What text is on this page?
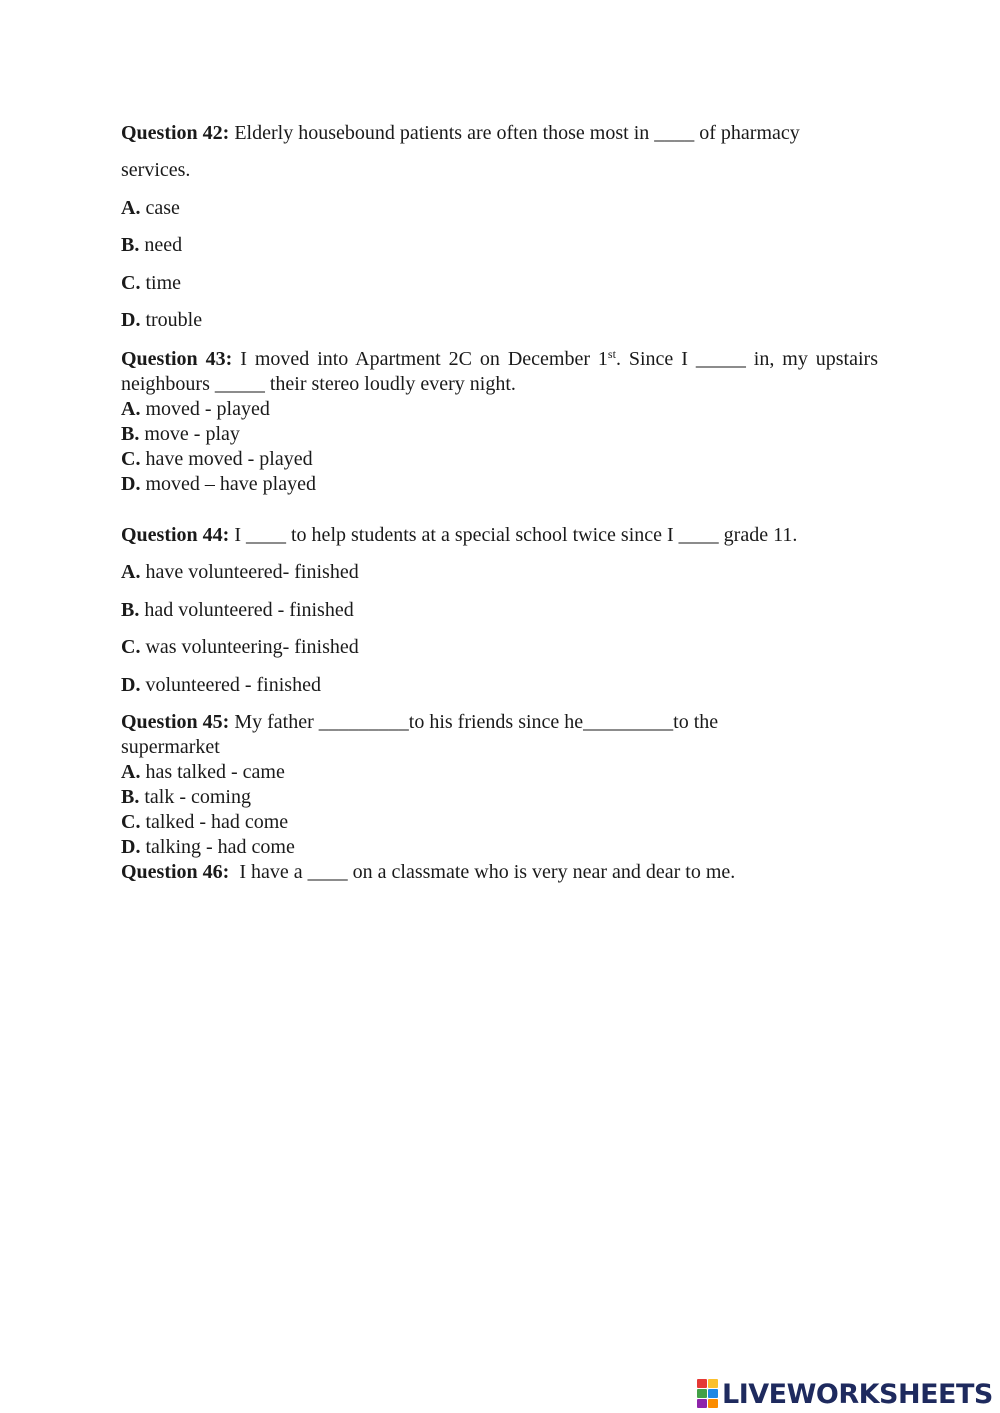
Question 42: Elderly housebound patients are often those most in ____ of pharmacy

services.

A. case

B. need

C. time

D. trouble

Question 43: I moved into Apartment 2C on December 1st. Since I _____ in, my upstairs neighbours _____ their stereo loudly every night.

A. moved - played

B. move - play

C. have moved - played

D. moved – have played

Question 44: I ____ to help students at a special school twice since I ____ grade 11.

A. have volunteered- finished

B. had volunteered - finished

C. was volunteering- finished

D. volunteered - finished

Question 45: My father _________to his friends since he_________to the

supermarket

A. has talked - came

B. talk - coming

C. talked - had come

D. talking - had come

Question 46:  I have a ____ on a classmate who is very near and dear to me.

LIVEWORKSHEETS
